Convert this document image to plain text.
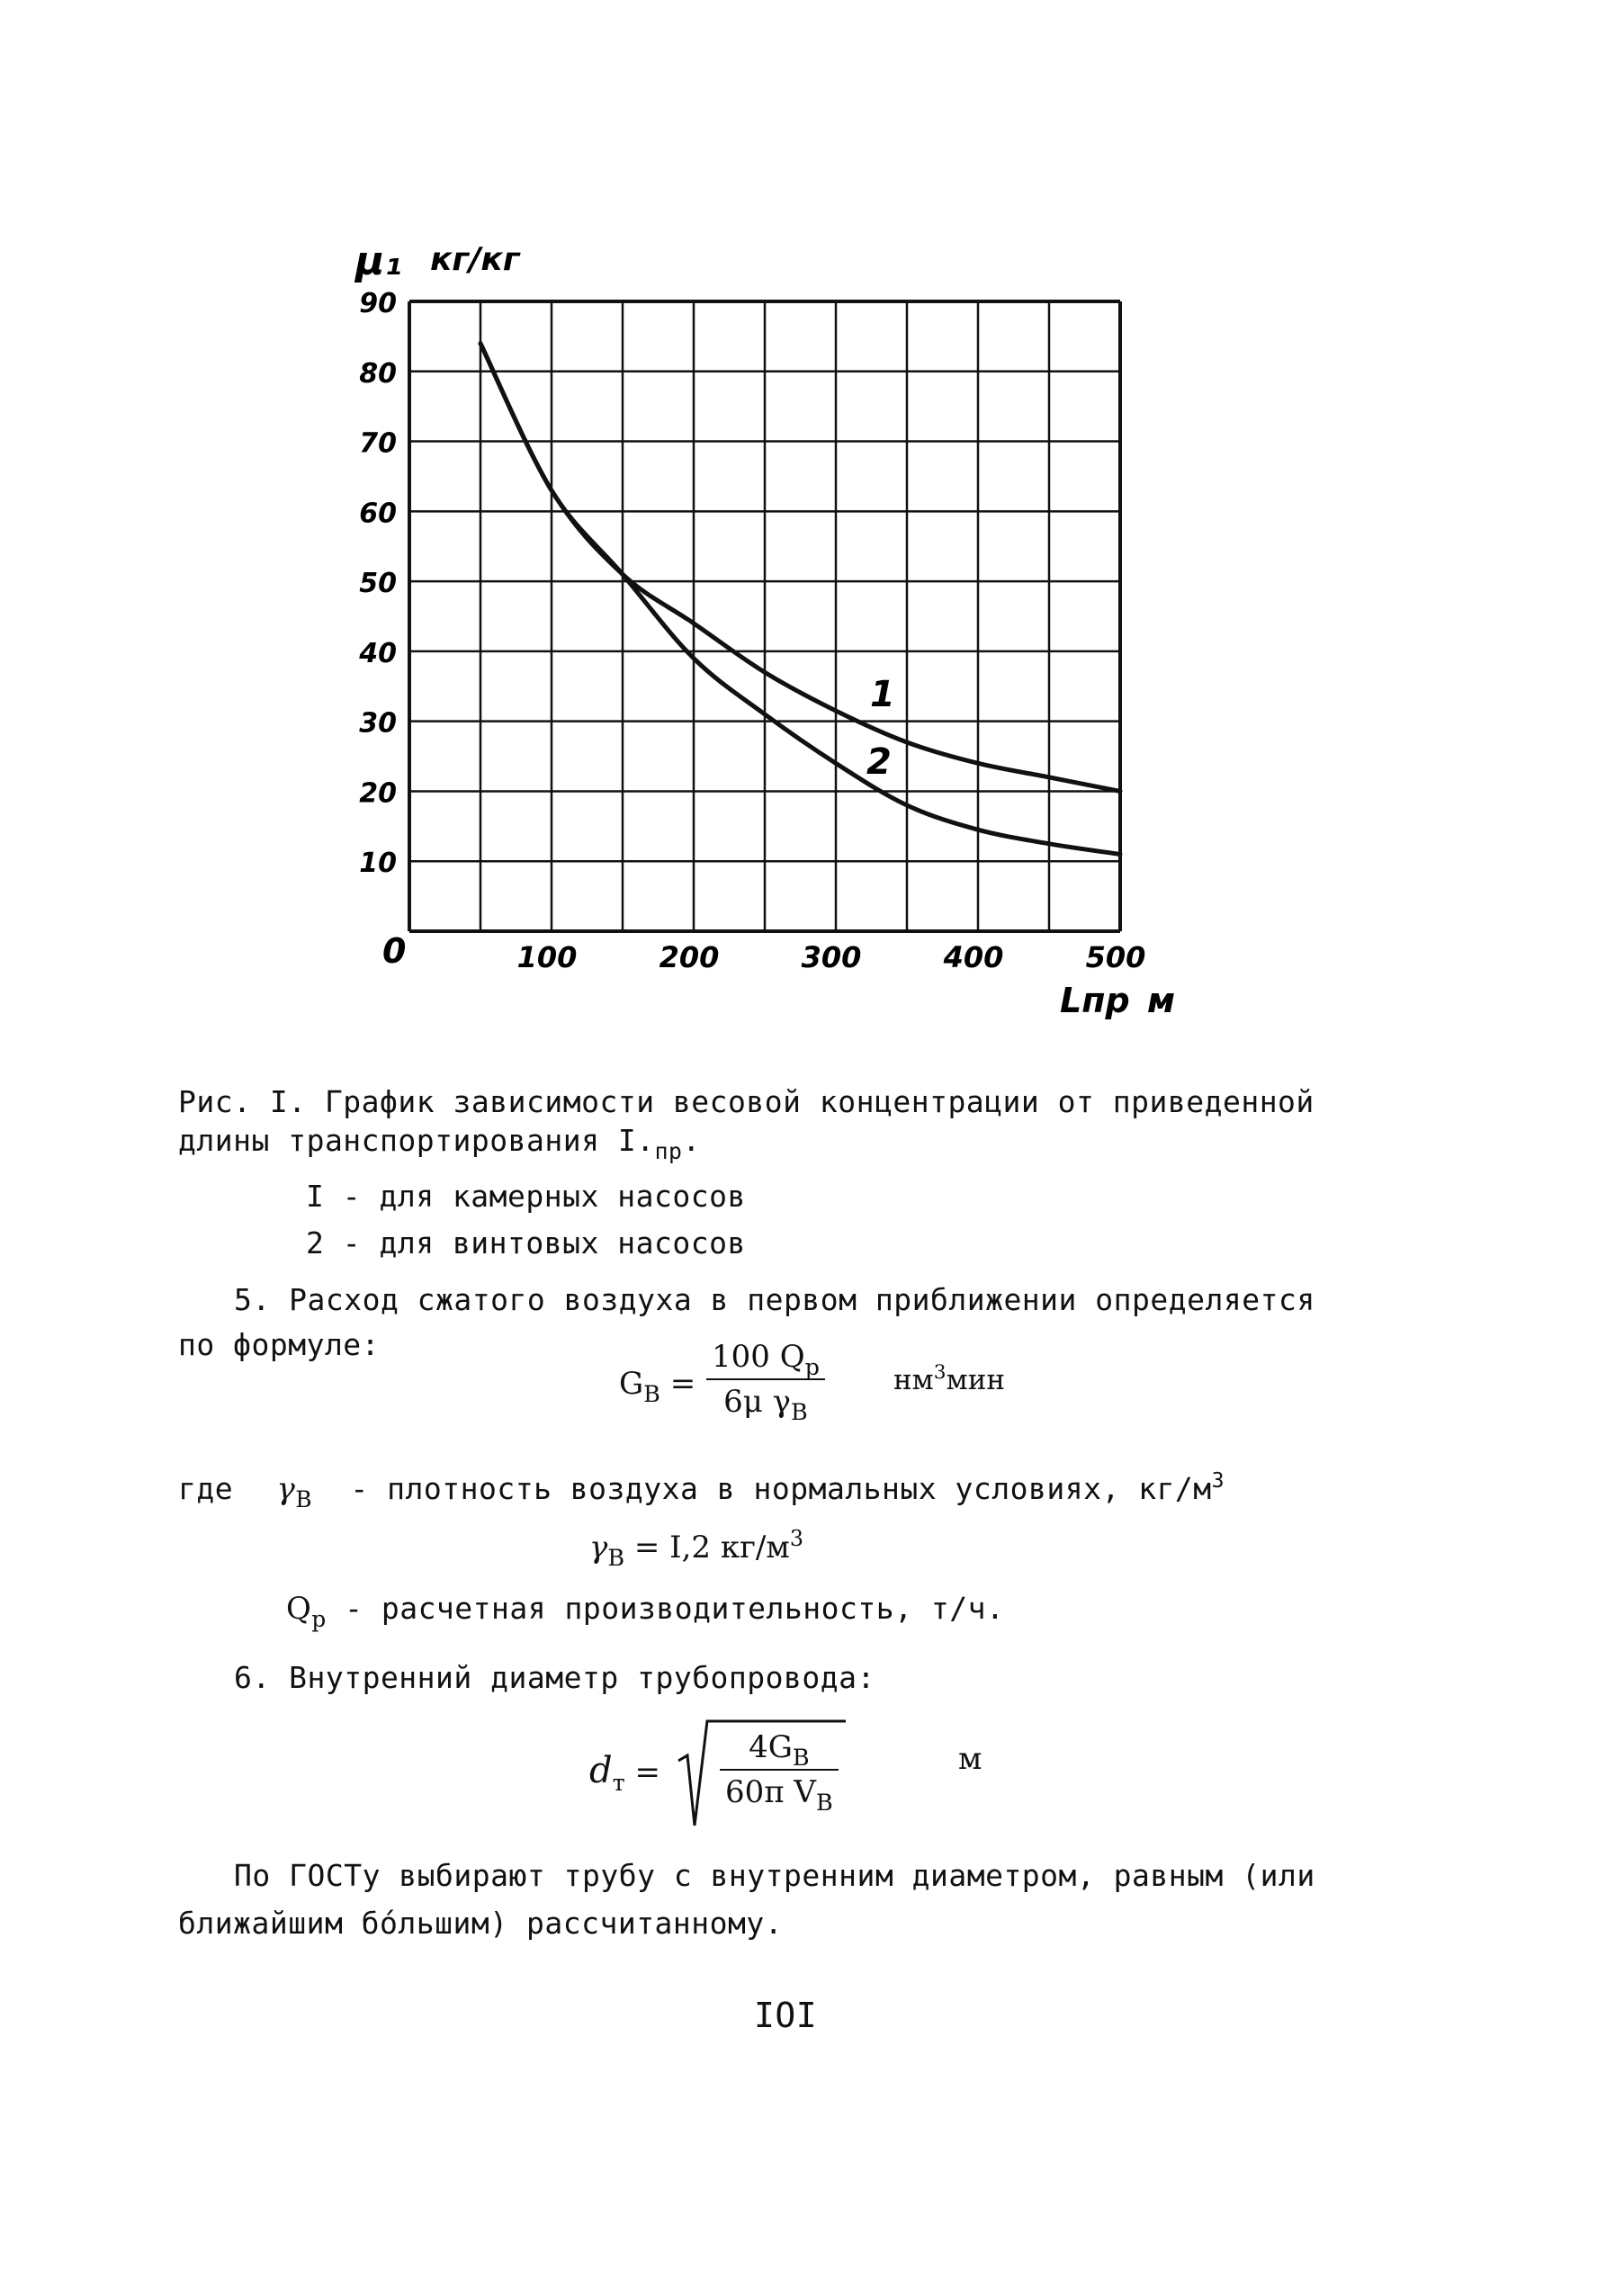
90
80
70
60
50
40
30
20
10
100	200	300	400	500
μ₁ кг/кг
Lпр м
0
1
2
Рис. I. График зависимости весовой концентрации от приведенной
длины транспортирования $I._{пр}$.
I - для камерных насосов
2 - для винтовых насосов
5. Расход сжатого воздуха в первом приближении определяется
по формуле:
$G_B$ =
100 $Q_p$
6μ $\gamma_B$
$нм^3мин$
где $\gamma_B$ - плотность воздуха в нормальных условиях, $кг/м^3$
$\gamma_B = I,2$ $кг/м^3$
$Q_p$ - расчетная производительность, т/ч.
6. Внутренний диаметр трубопровода:
$d_т$ =
$4G_B$
60π $V_B$
м
По ГОСТу выбирают трубу с внутренним диаметром, равным (или
ближайшим бо́льшим) рассчитанному.
IOI
